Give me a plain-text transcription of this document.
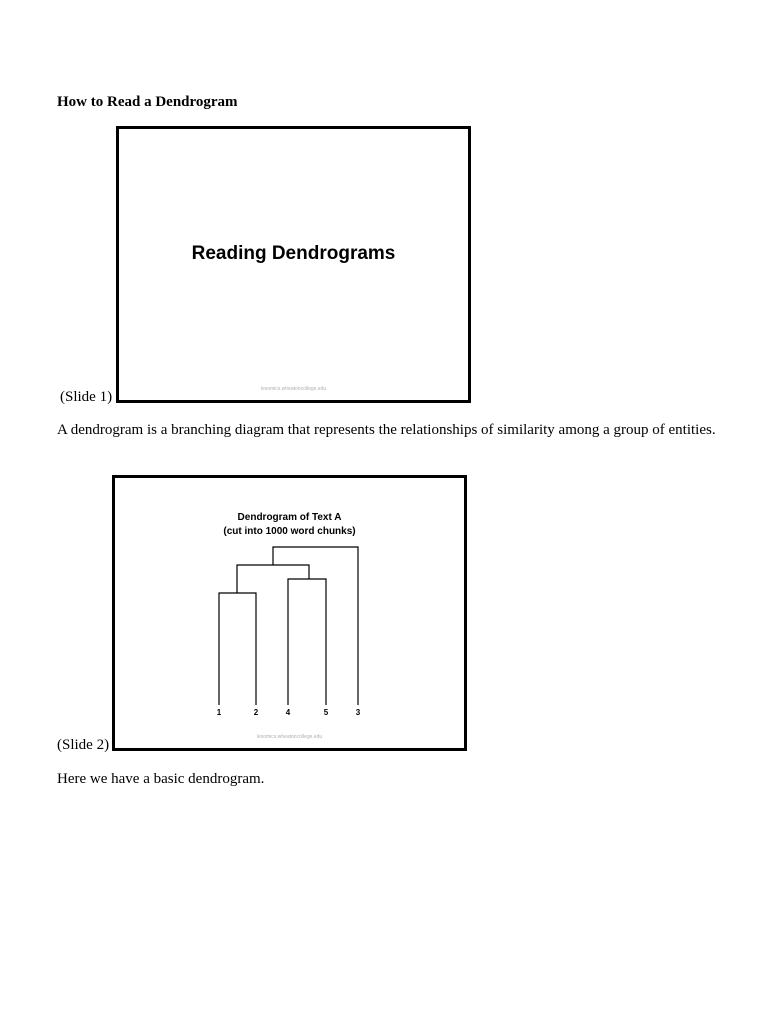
How to Read a Dendrogram
(Slide 1)
Reading Dendrograms
lexomics.wheatoncollege.edu
A dendrogram is a branching diagram that represents the relationships of similarity among a group of entities.
(Slide 2)
Dendrogram of Text A
(cut into 1000 word chunks)
1	2	4	5	3
lexomics.wheatoncollege.edu
Here we have a basic dendrogram.
